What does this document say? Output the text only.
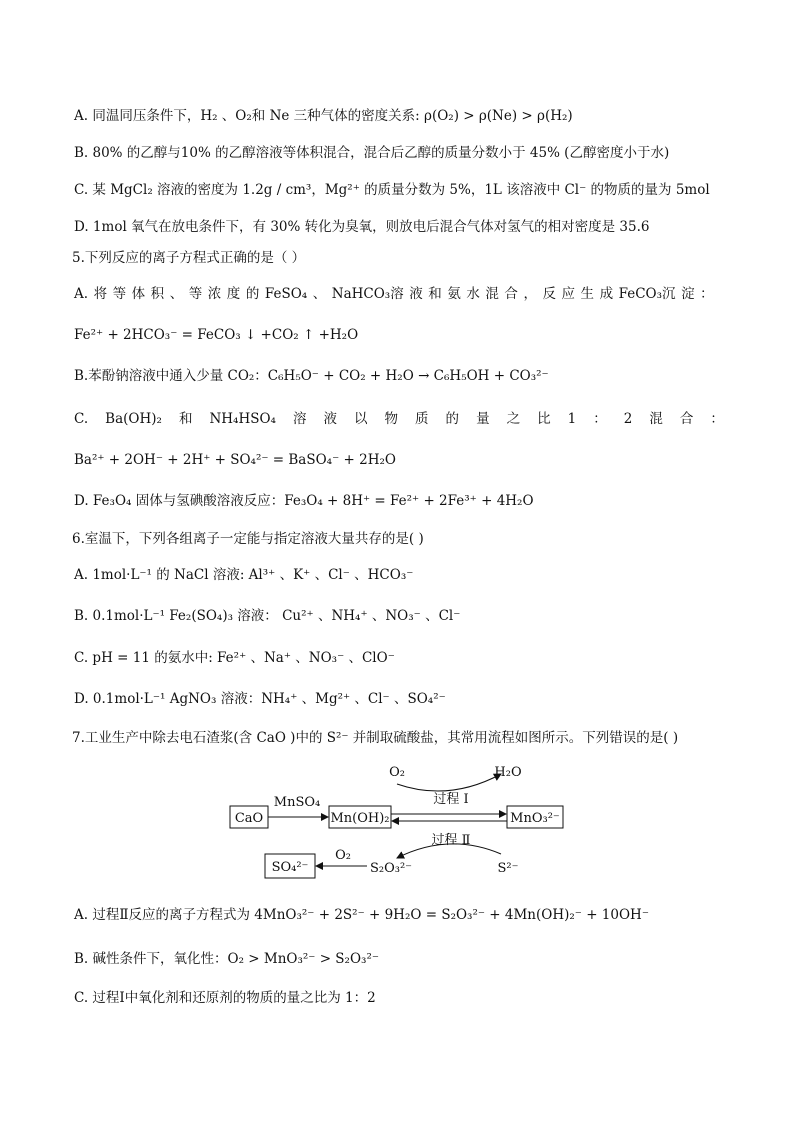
A. 同温同压条件下，H₂ 、O₂和 Ne 三种气体的密度关系: ρ(O₂) > ρ(Ne) > ρ(H₂)
B. 80% 的乙醇与10% 的乙醇溶液等体积混合，混合后乙醇的质量分数小于 45% (乙醇密度小于水)
C. 某 MgCl₂ 溶液的密度为 1.2g / cm³，Mg²⁺ 的质量分数为 5%，1L 该溶液中 Cl⁻ 的物质的量为 5mol
D. 1mol 氧气在放电条件下，有 30% 转化为臭氧，则放电后混合气体对氢气的相对密度是 35.6
5.下列反应的离子方程式正确的是（ ）
A. 将 等 体 积 、 等 浓 度 的 FeSO₄ 、 NaHCO₃溶 液 和 氨 水 混 合 ， 反 应 生 成 FeCO₃沉 淀 ：
Fe²⁺ + 2HCO₃⁻ = FeCO₃ ↓ +CO₂ ↑ +H₂O
B.苯酚钠溶液中通入少量 CO₂：C₆H₅O⁻ + CO₂ + H₂O → C₆H₅OH + CO₃²⁻
C. Ba(OH)₂ 和 NH₄HSO₄ 溶 液 以 物 质 的 量 之 比 1 ： 2 混 合 ：
Ba²⁺ + 2OH⁻ + 2H⁺ + SO₄²⁻ = BaSO₄⁻ + 2H₂O
D. Fe₃O₄ 固体与氢碘酸溶液反应：Fe₃O₄ + 8H⁺ = Fe²⁺ + 2Fe³⁺ + 4H₂O
6.室温下，下列各组离子一定能与指定溶液大量共存的是( )
A. 1mol·L⁻¹ 的 NaCl 溶液: Al³⁺ 、K⁺ 、Cl⁻ 、HCO₃⁻
B. 0.1mol·L⁻¹ Fe₂(SO₄)₃ 溶液： Cu²⁺ 、NH₄⁺ 、NO₃⁻ 、Cl⁻
C. pH = 11 的氨水中: Fe²⁺ 、Na⁺ 、NO₃⁻ 、ClO⁻
D. 0.1mol·L⁻¹ AgNO₃ 溶液：NH₄⁺ 、Mg²⁺ 、Cl⁻ 、SO₄²⁻
7.工业生产中除去电石渣浆(含 CaO )中的 S²⁻ 并制取硫酸盐，其常用流程如图所示。下列错误的是( )
CaO	Mn(OH)₂	MnO₃²⁻
SO₄²⁻
MnSO₄
O₂	H₂O
过程 Ⅰ
过程 Ⅱ
S²⁻
S₂O₃²⁻
O₂
A. 过程Ⅱ反应的离子方程式为 4MnO₃²⁻ + 2S²⁻ + 9H₂O = S₂O₃²⁻ + 4Mn(OH)₂⁻ + 10OH⁻
B. 碱性条件下，氧化性：O₂ > MnO₃²⁻ > S₂O₃²⁻
C. 过程Ⅰ中氧化剂和还原剂的物质的量之比为 1：2
